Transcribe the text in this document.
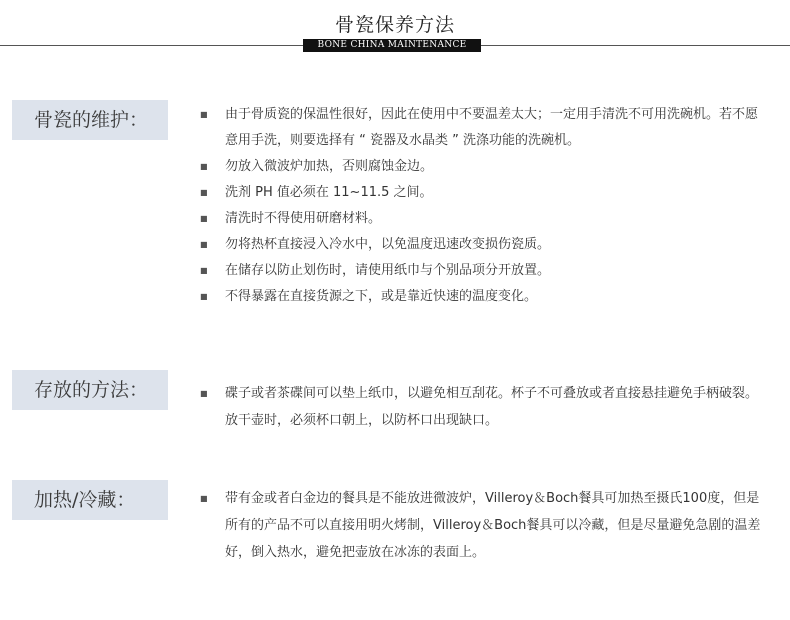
骨瓷保养方法
BONE CHINA MAINTENANCE
骨瓷的维护：	■ 由于骨质瓷的保温性很好，因此在使用中不要温差太大；一定用手清洗不可用洗碗机。若不愿意用手洗，则要选择有 “ 瓷器及水晶类 ” 洗涤功能的洗碗机。
■ 勿放入微波炉加热，否则腐蚀金边。
■ 洗剂 PH 值必须在 11~11.5 之间。
■ 清洗时不得使用研磨材料。
■ 勿将热杯直接浸入冷水中，以免温度迅速改变损伤瓷质。
■ 在储存以防止划伤时，请使用纸巾与个别品项分开放置。
■ 不得暴露在直接货源之下，或是靠近快速的温度变化。
存放的方法：	■ 碟子或者茶碟间可以垫上纸巾，以避免相互刮花。杯子不可叠放或者直接悬挂避免手柄破裂。放干壶时，必须杯口朝上，以防杯口出现缺口。
加热/冷藏：	■ 带有金或者白金边的餐具是不能放进微波炉，Villeroy＆Boch餐具可加热至摄氏100度，但是所有的产品不可以直接用明火烤制，Villeroy＆Boch餐具可以冷藏，但是尽量避免急剧的温差好，倒入热水，避免把壶放在冰冻的表面上。
